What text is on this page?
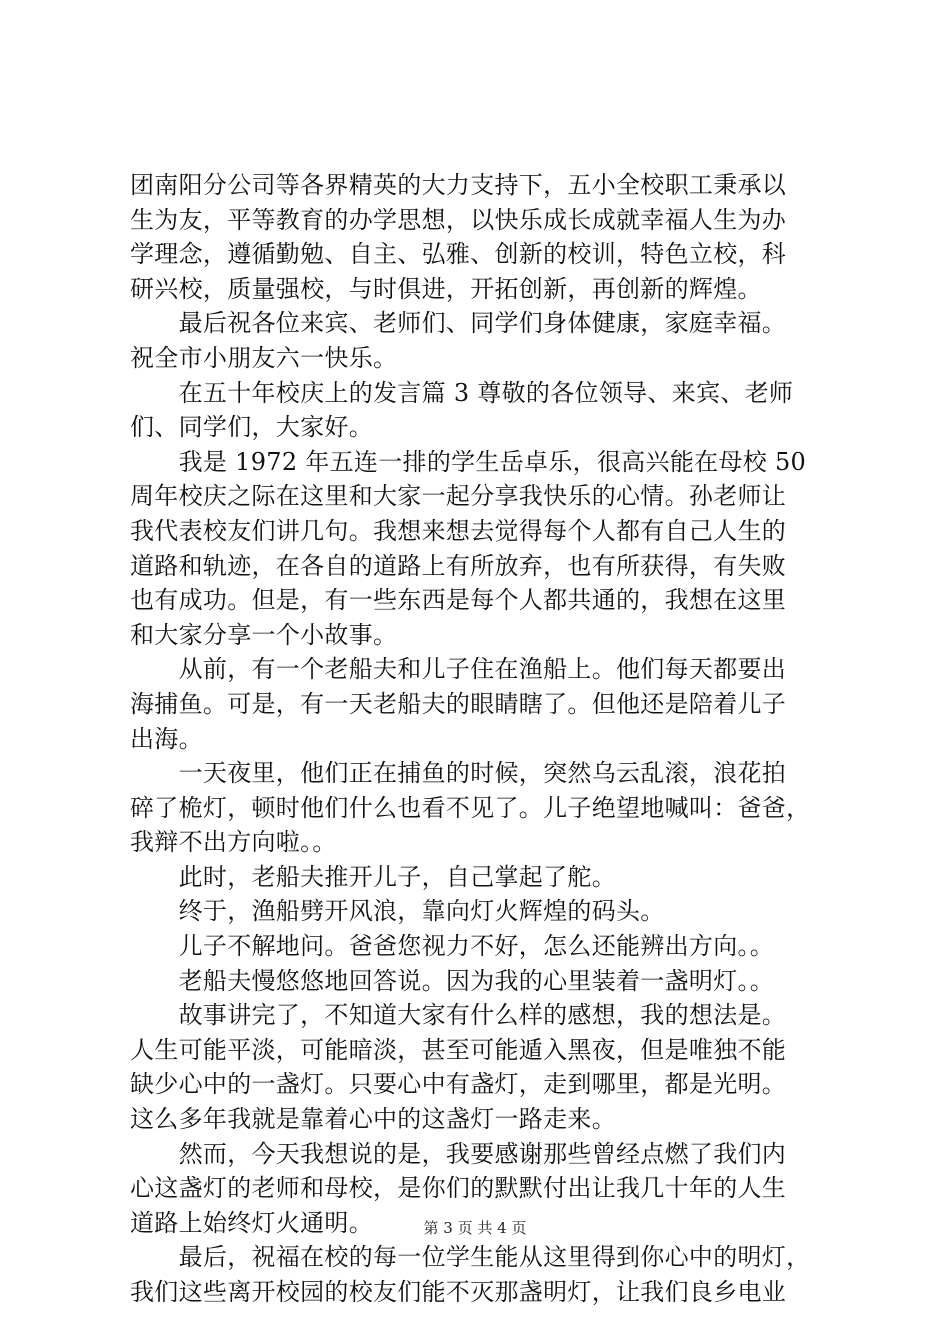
团南阳分公司等各界精英的大力支持下，五小全校职工秉承以
生为友，平等教育的办学思想，以快乐成长成就幸福人生为办
学理念，遵循勤勉、自主、弘雅、创新的校训，特色立校，科
研兴校，质量强校，与时俱进，开拓创新，再创新的辉煌。
　　最后祝各位来宾、老师们、同学们身体健康，家庭幸福。
祝全市小朋友六一快乐。
　　在五十年校庆上的发言篇 3 尊敬的各位领导、来宾、老师
们、同学们，大家好。
　　我是 1972 年五连一排的学生岳卓乐，很高兴能在母校 50
周年校庆之际在这里和大家一起分享我快乐的心情。孙老师让
我代表校友们讲几句。我想来想去觉得每个人都有自己人生的
道路和轨迹，在各自的道路上有所放弃，也有所获得，有失败
也有成功。但是，有一些东西是每个人都共通的，我想在这里
和大家分享一个小故事。
　　从前，有一个老船夫和儿子住在渔船上。他们每天都要出
海捕鱼。可是，有一天老船夫的眼睛瞎了。但他还是陪着儿子
出海。
　　一天夜里，他们正在捕鱼的时候，突然乌云乱滚，浪花拍
碎了桅灯，顿时他们什么也看不见了。儿子绝望地喊叫：爸爸，
我辩不出方向啦。。
　　此时，老船夫推开儿子，自己掌起了舵。
　　终于，渔船劈开风浪，靠向灯火辉煌的码头。
　　儿子不解地问。爸爸您视力不好，怎么还能辨出方向。。
　　老船夫慢悠悠地回答说。因为我的心里装着一盏明灯。。
　　故事讲完了，不知道大家有什么样的感想，我的想法是。
人生可能平淡，可能暗淡，甚至可能遁入黑夜，但是唯独不能
缺少心中的一盏灯。只要心中有盏灯，走到哪里，都是光明。
这么多年我就是靠着心中的这盏灯一路走来。
　　然而，今天我想说的是，我要感谢那些曾经点燃了我们内
心这盏灯的老师和母校，是你们的默默付出让我几十年的人生
道路上始终灯火通明。
　　最后，祝福在校的每一位学生能从这里得到你心中的明灯，
我们这些离开校园的校友们能不灭那盏明灯，让我们良乡电业
第 3 页 共 4 页
